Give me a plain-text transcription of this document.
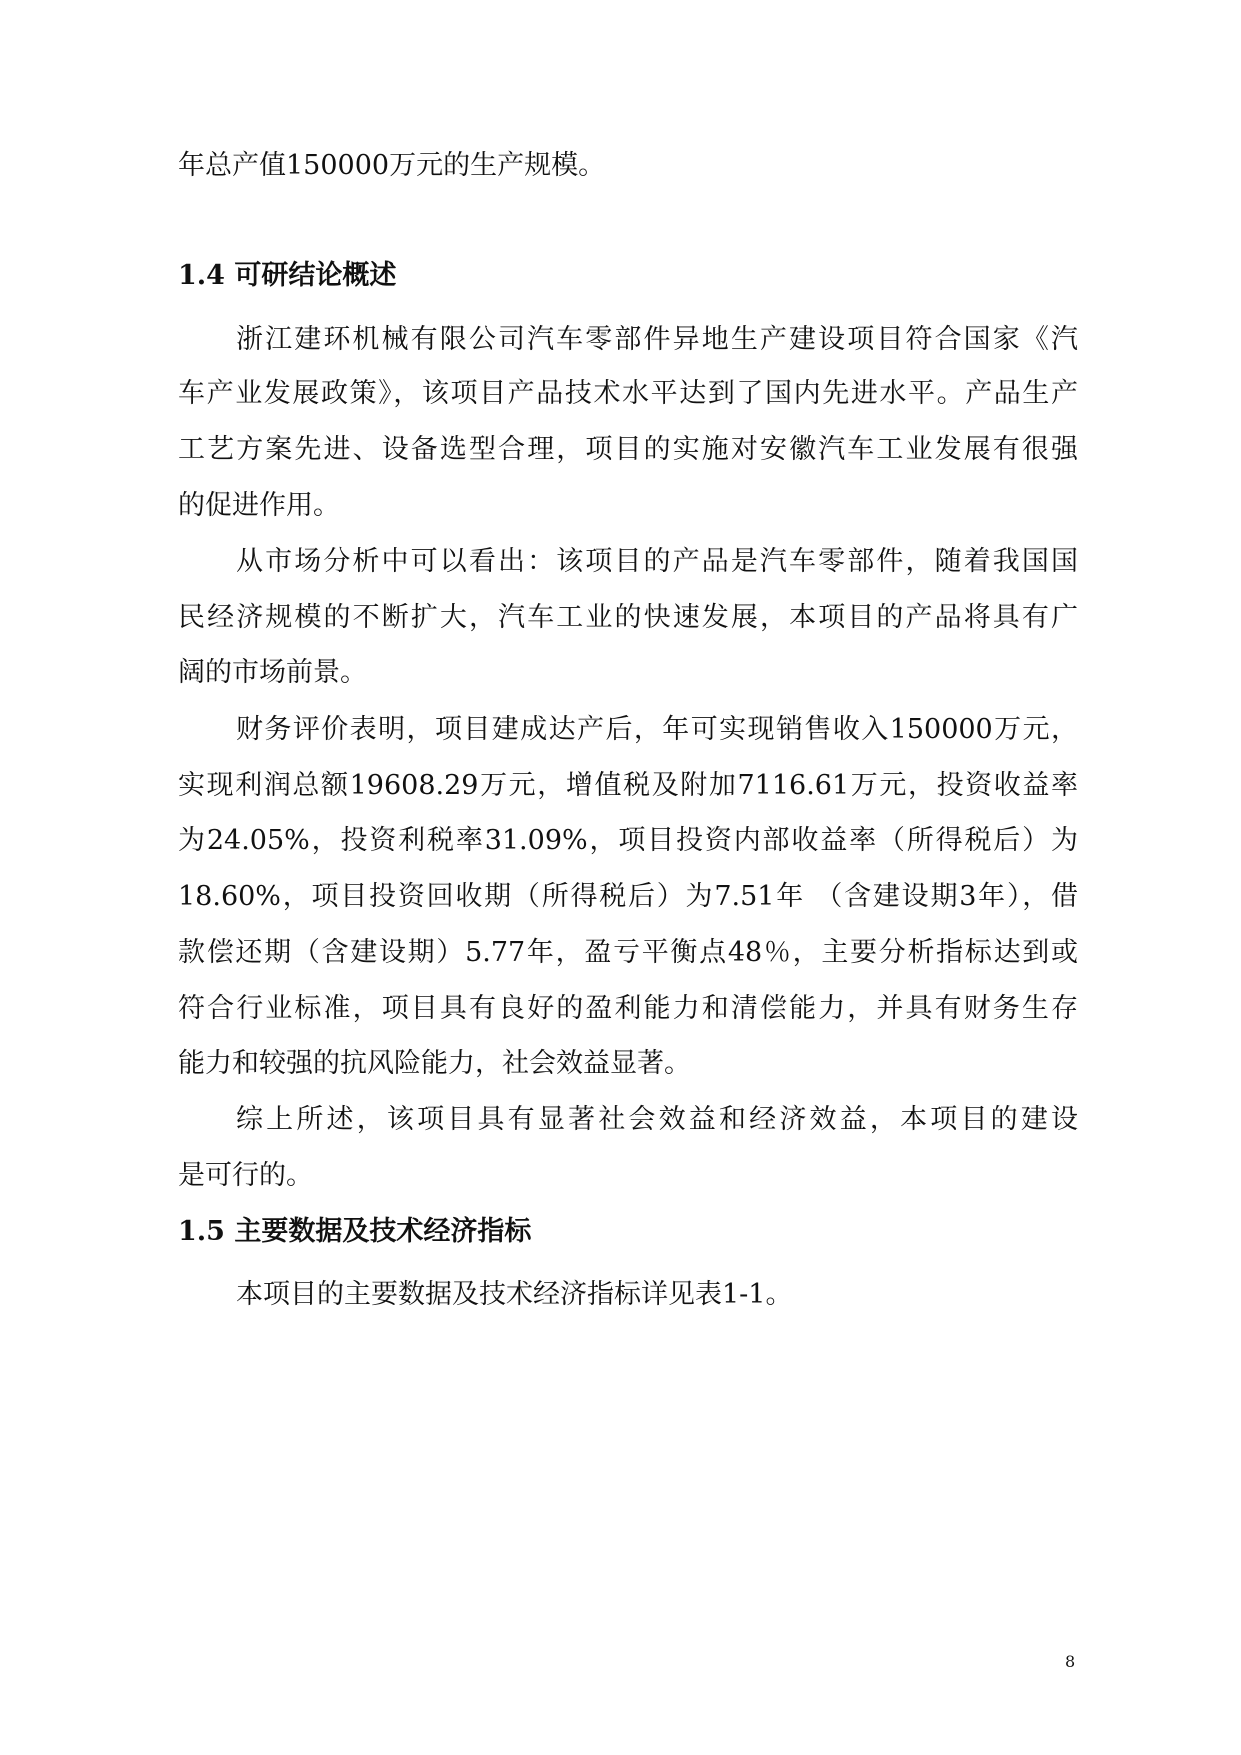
年总产值150000万元的生产规模。
1.4 可研结论概述
浙江建环机械有限公司汽车零部件异地生产建设项目符合国家《汽
车产业发展政策》，该项目产品技术水平达到了国内先进水平。产品生产
工艺方案先进、设备选型合理，项目的实施对安徽汽车工业发展有很强
的促进作用。
从市场分析中可以看出：该项目的产品是汽车零部件，随着我国国
民经济规模的不断扩大，汽车工业的快速发展，本项目的产品将具有广
阔的市场前景。
财务评价表明，项目建成达产后，年可实现销售收入150000万元，
实现利润总额19608.29万元，增值税及附加7116.61万元，投资收益率
为24.05%，投资利税率31.09%，项目投资内部收益率（所得税后）为
18.60%，项目投资回收期（所得税后）为7.51年 （含建设期3年），借
款偿还期（含建设期）5.77年，盈亏平衡点48％，主要分析指标达到或
符合行业标准，项目具有良好的盈利能力和清偿能力，并具有财务生存
能力和较强的抗风险能力，社会效益显著。
综上所述，该项目具有显著社会效益和经济效益，本项目的建设
是可行的。
1.5 主要数据及技术经济指标
本项目的主要数据及技术经济指标详见表1-1。
8
